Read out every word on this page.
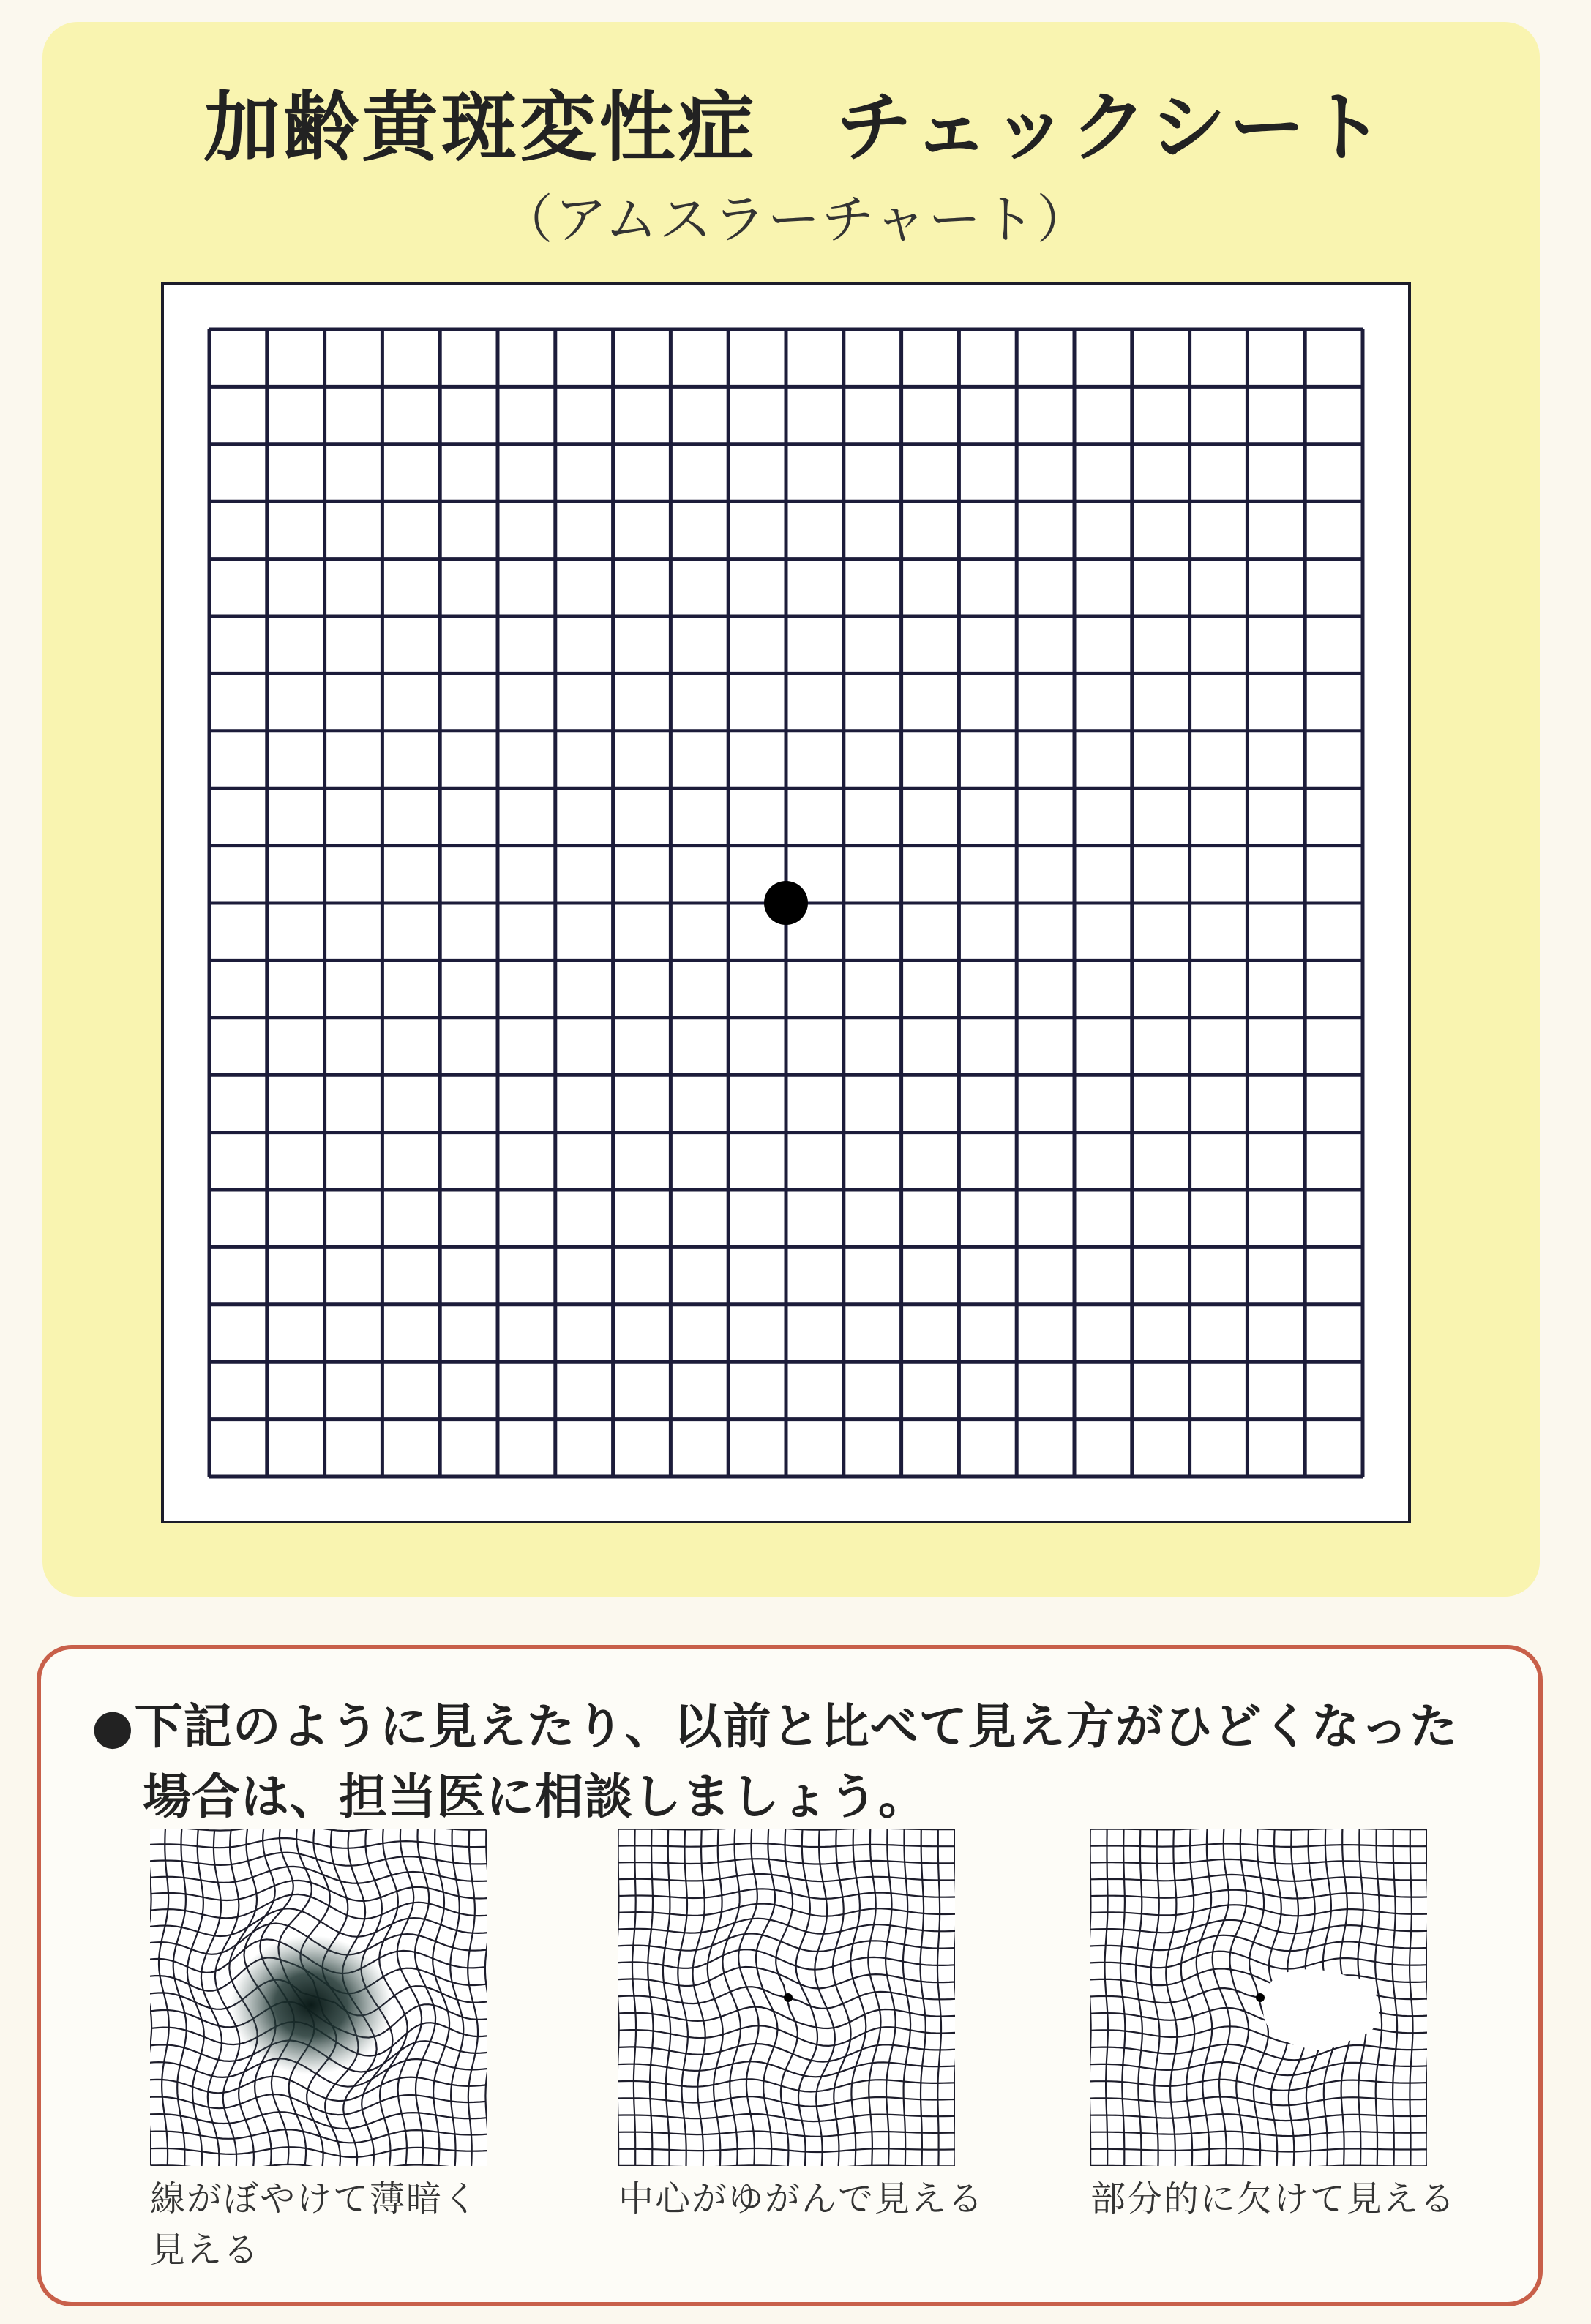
加齢黄斑変性症　チェックシート
（アムスラーチャート）
●下記のように見えたり、以前と比べて見え方がひどくなった
場合は、担当医に相談しましょう。
線がぼやけて薄暗く
見える
中心がゆがんで見える	部分的に欠けて見える
